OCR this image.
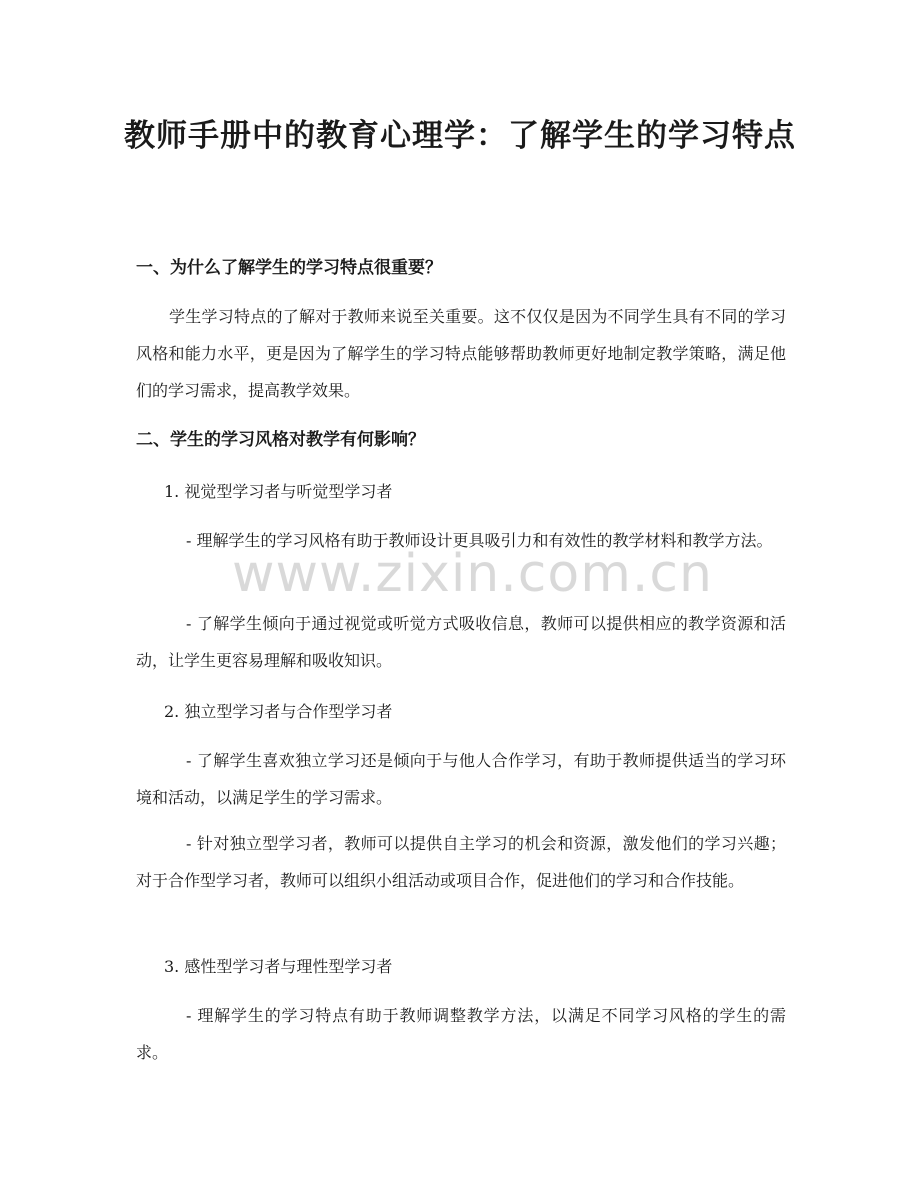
教师手册中的教育心理学：了解学生的学习特点
一、为什么了解学生的学习特点很重要？

学生学习特点的了解对于教师来说至关重要。这不仅仅是因为不同学生具有不同的学习风格和能力水平，更是因为了解学生的学习特点能够帮助教师更好地制定教学策略，满足他们的学习需求，提高教学效果。

二、学生的学习风格对教学有何影响？

1. 视觉型学习者与听觉型学习者

- 理解学生的学习风格有助于教师设计更具吸引力和有效性的教学材料和教学方法。

- 了解学生倾向于通过视觉或听觉方式吸收信息，教师可以提供相应的教学资源和活动，让学生更容易理解和吸收知识。

2. 独立型学习者与合作型学习者

- 了解学生喜欢独立学习还是倾向于与他人合作学习，有助于教师提供适当的学习环境和活动，以满足学生的学习需求。

- 针对独立型学习者，教师可以提供自主学习的机会和资源，激发他们的学习兴趣；对于合作型学习者，教师可以组织小组活动或项目合作，促进他们的学习和合作技能。

3. 感性型学习者与理性型学习者

- 理解学生的学习特点有助于教师调整教学方法，以满足不同学习风格的学生的需求。

www.zixin.com.cn
